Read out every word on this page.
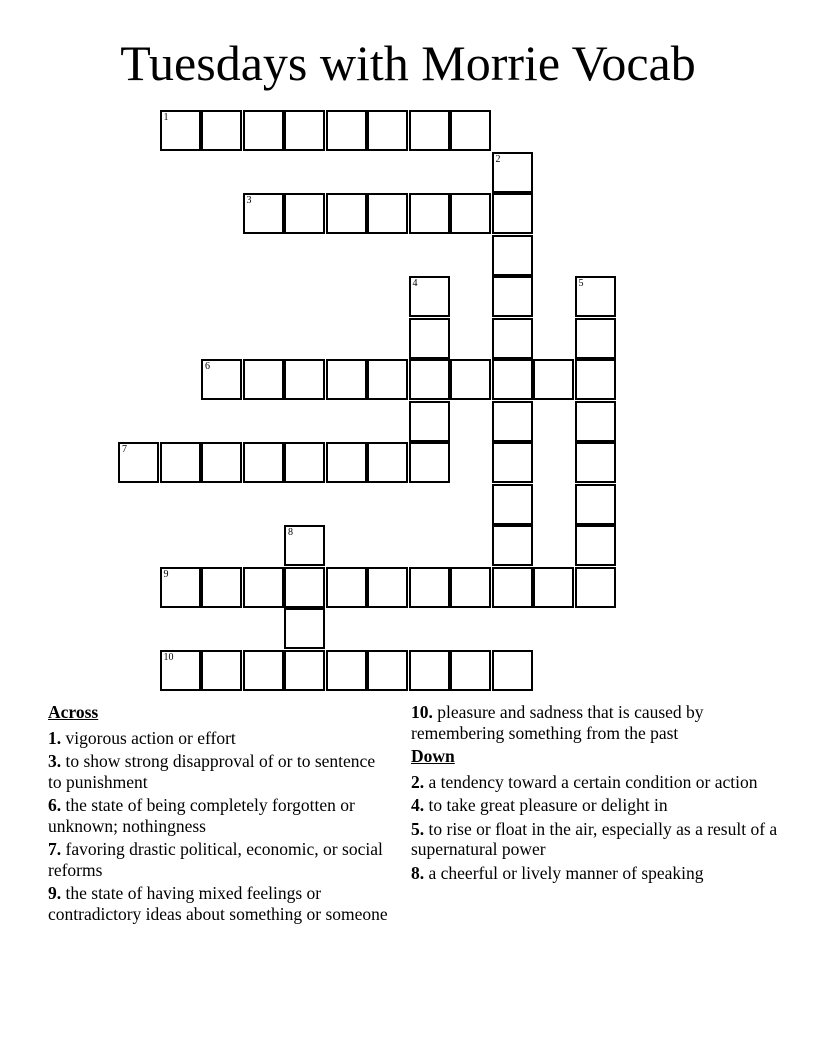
Tuesdays with Morrie Vocab
1
2
3
4	5
6
7
8
9
10
Across
1. vigorous action or effort
3. to show strong disapproval of or to sentence to punishment
6. the state of being completely forgotten or unknown; nothingness
7. favoring drastic political, economic, or social reforms
9. the state of having mixed feelings or contradictory ideas about something or someone
10. pleasure and sadness that is caused by remembering something from the past
Down
2. a tendency toward a certain condition or action
4. to take great pleasure or delight in
5. to rise or float in the air, especially as a result of a supernatural power
8. a cheerful or lively manner of speaking
